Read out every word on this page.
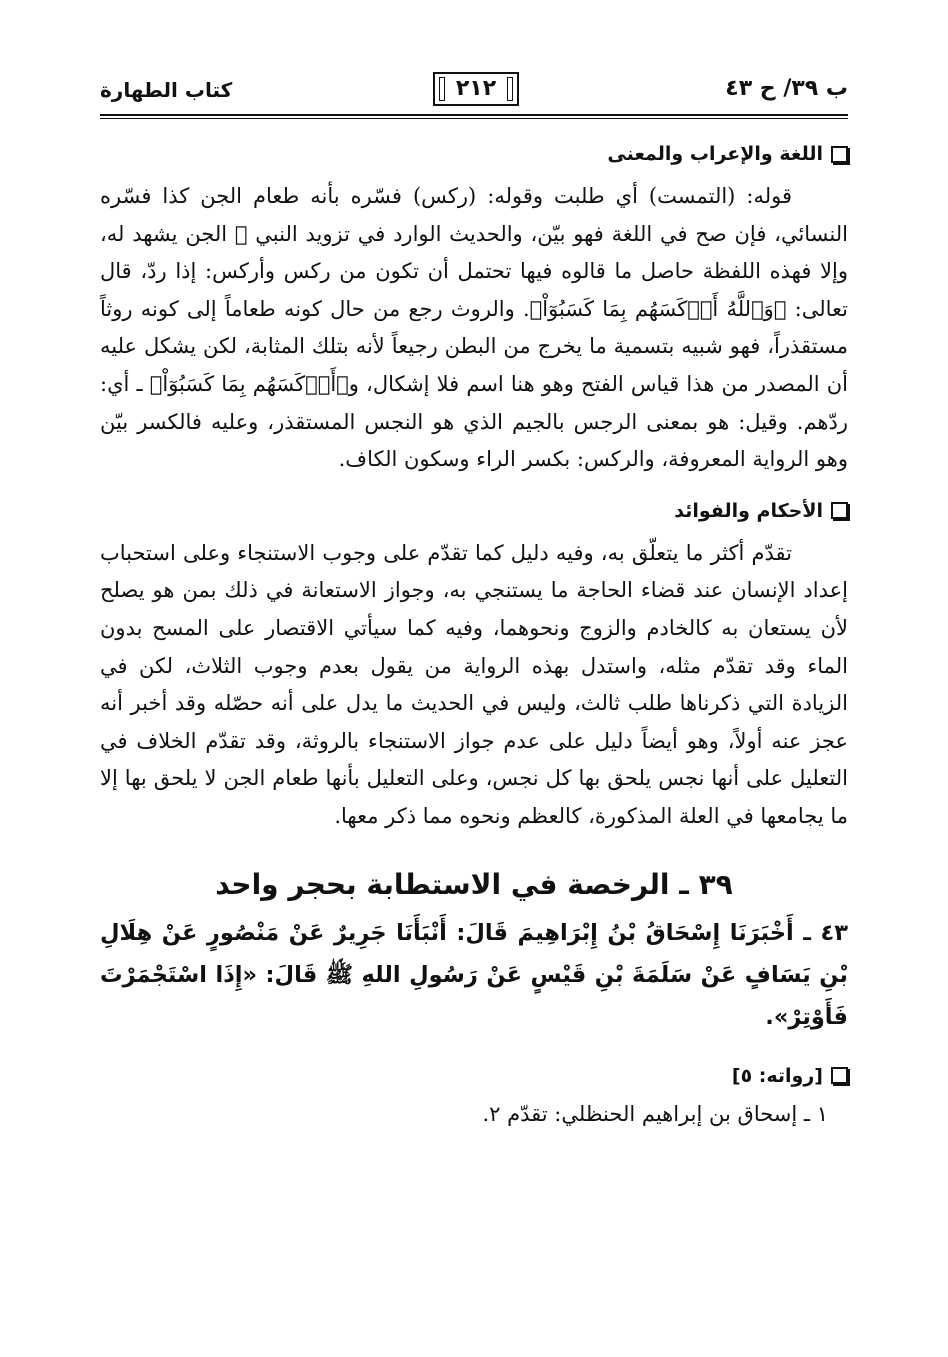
كتاب الطهارة	٢١٢	ب ٣٩/ ح ٤٣
اللغة والإعراب والمعنى

قوله: (التمست) أي طلبت وقوله: (ركس) فسّره بأنه طعام الجن كذا فسّره النسائي، فإن صح في اللغة فهو بيّن، والحديث الوارد في تزويد النبي ﷺ الجن يشهد له، وإلا فهذه اللفظة حاصل ما قالوه فيها تحتمل أن تكون من ركس وأركس: إذا ردّ، قال تعالى: ﴿وَٱللَّهُ أَرۡكَسَهُم بِمَا كَسَبُوٓاْ﴾. والروث رجع من حال كونه طعاماً إلى كونه روثاً مستقذراً، فهو شبيه بتسمية ما يخرج من البطن رجيعاً لأنه بتلك المثابة، لكن يشكل عليه أن المصدر من هذا قياس الفتح وهو هنا اسم فلا إشكال، و﴿أَرۡكَسَهُم بِمَا كَسَبُوٓاْ﴾ ـ أي: ردّهم. وقيل: هو بمعنى الرجس بالجيم الذي هو النجس المستقذر، وعليه فالكسر بيّن وهو الرواية المعروفة، والركس: بكسر الراء وسكون الكاف.

الأحكام والفوائد

تقدّم أكثر ما يتعلّق به، وفيه دليل كما تقدّم على وجوب الاستنجاء وعلى استحباب إعداد الإنسان عند قضاء الحاجة ما يستنجي به، وجواز الاستعانة في ذلك بمن هو يصلح لأن يستعان به كالخادم والزوج ونحوهما، وفيه كما سيأتي الاقتصار على المسح بدون الماء وقد تقدّم مثله، واستدل بهذه الرواية من يقول بعدم وجوب الثلاث، لكن في الزيادة التي ذكرناها طلب ثالث، وليس في الحديث ما يدل على أنه حصّله وقد أخبر أنه عجز عنه أولاً، وهو أيضاً دليل على عدم جواز الاستنجاء بالروثة، وقد تقدّم الخلاف في التعليل على أنها نجس يلحق بها كل نجس، وعلى التعليل بأنها طعام الجن لا يلحق بها إلا ما يجامعها في العلة المذكورة، كالعظم ونحوه مما ذكر معها.

٣٩ ـ الرخصة في الاستطابة بحجر واحد

٤٣ ـ أَخْبَرَنَا إِسْحَاقُ بْنُ إِبْرَاهِيمَ قَالَ: أَنْبَأَنَا جَرِيرٌ عَنْ مَنْصُورٍ عَنْ هِلَالِ بْنِ يَسَافٍ عَنْ سَلَمَةَ بْنِ قَيْسٍ عَنْ رَسُولِ اللهِ ﷺ قَالَ: «إِذَا اسْتَجْمَرْتَ فَأَوْتِرْ».

[رواته: ٥]

١ ـ إسحاق بن إبراهيم الحنظلي: تقدّم ٢.
